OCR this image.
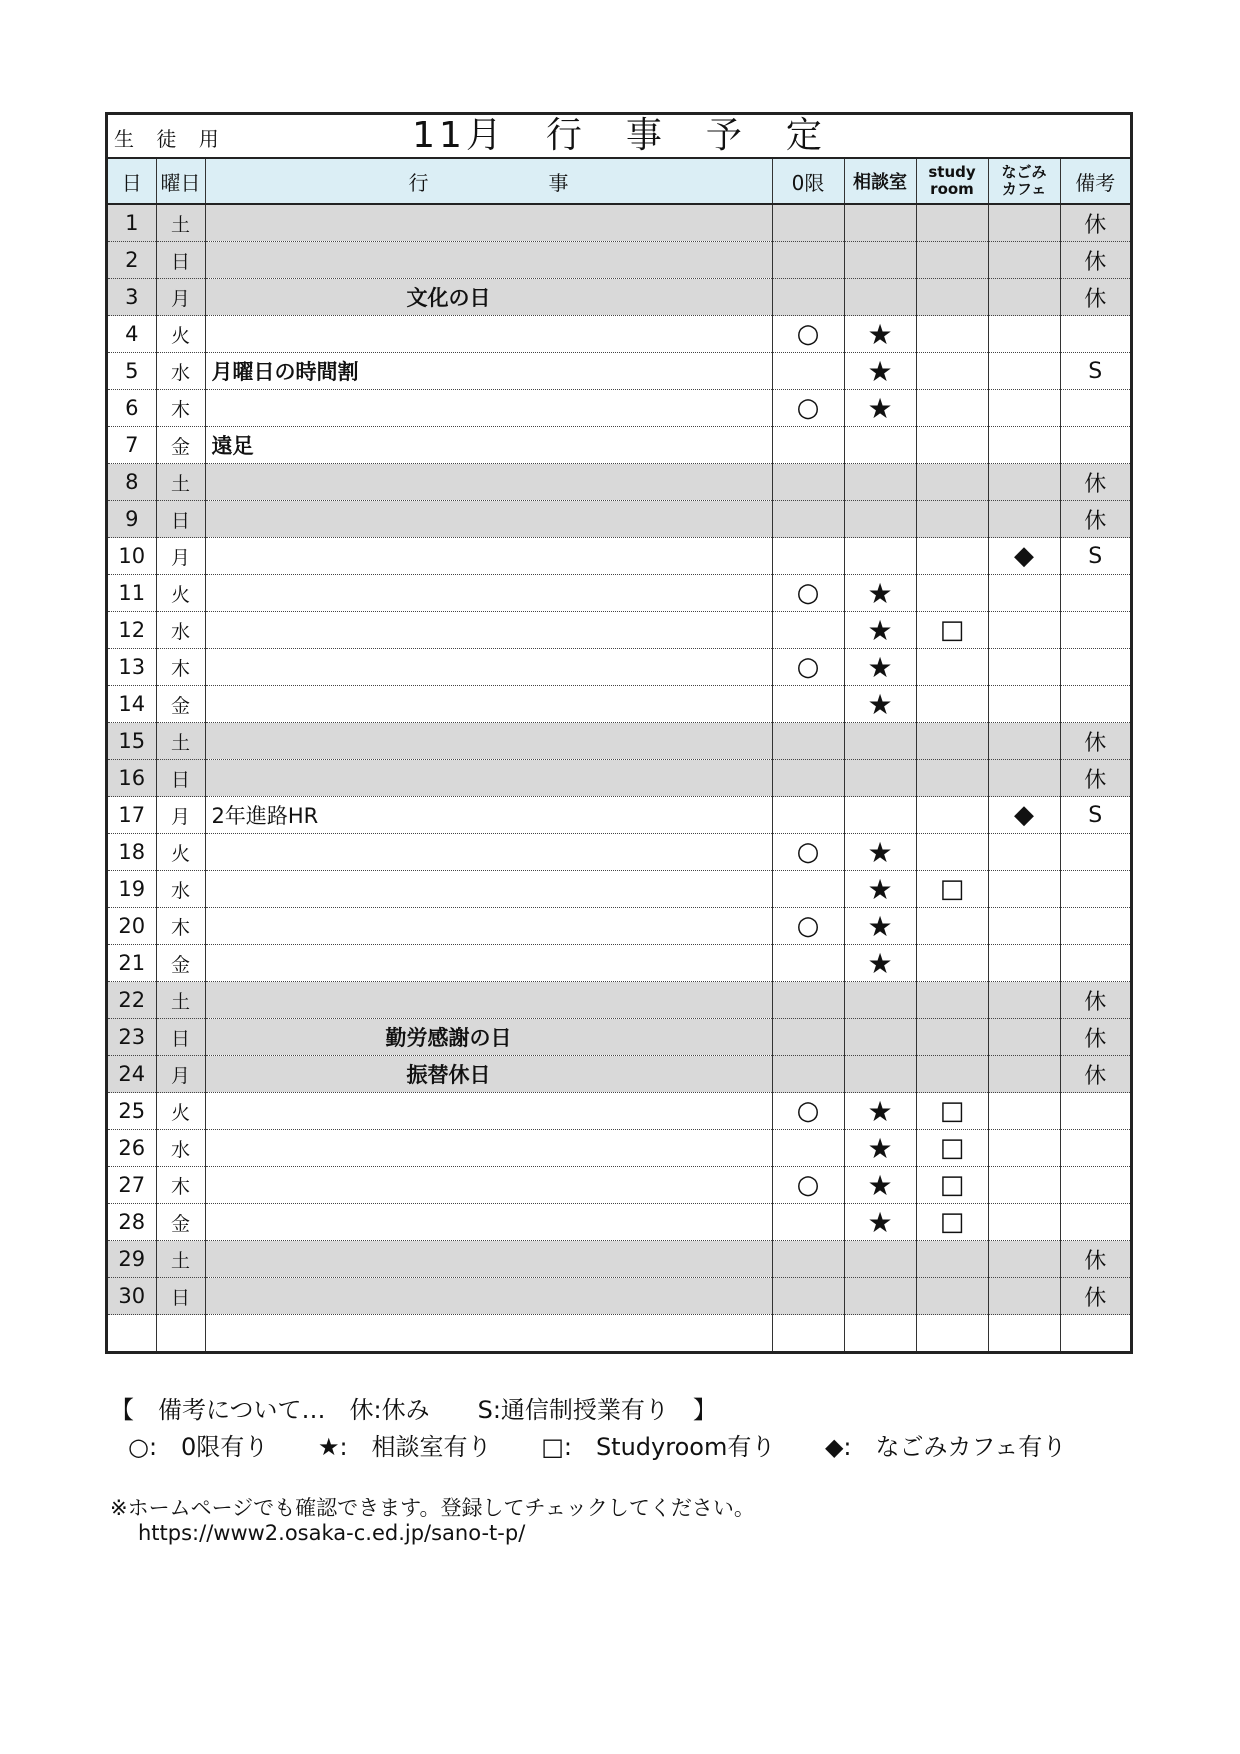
生 徒 用	11月　行　事　予　定
日	曜日	行　　　　　　事	0限	相談室	study
room	なごみ
カフェ	備考
1	土						休
2	日						休
3	月	文化の日					休
4	火		○	★			
5	水	月曜日の時間割		★			S
6	木		○	★			
7	金	遠足					
8	土						休
9	日						休
10	月					◆	S
11	火		○	★			
12	水			★	□		
13	木		○	★			
14	金			★			
15	土						休
16	日						休
17	月	2年進路HR				◆	S
18	火		○	★			
19	水			★	□		
20	木		○	★			
21	金			★			
22	土						休
23	日	勤労感謝の日					休
24	月	振替休日					休
25	火		○	★	□		
26	水			★	□		
27	木		○	★	□		
28	金			★	□		
29	土						休
30	日						休

【　備考について…　休:休み　　S:通信制授業有り　】
○:　0限有り ★:　相談室有り □:　Studyroom有り ◆:　なごみカフェ有り
※ホームページでも確認できます。登録してチェックしてください。
https://www2.osaka-c.ed.jp/sano-t-p/
